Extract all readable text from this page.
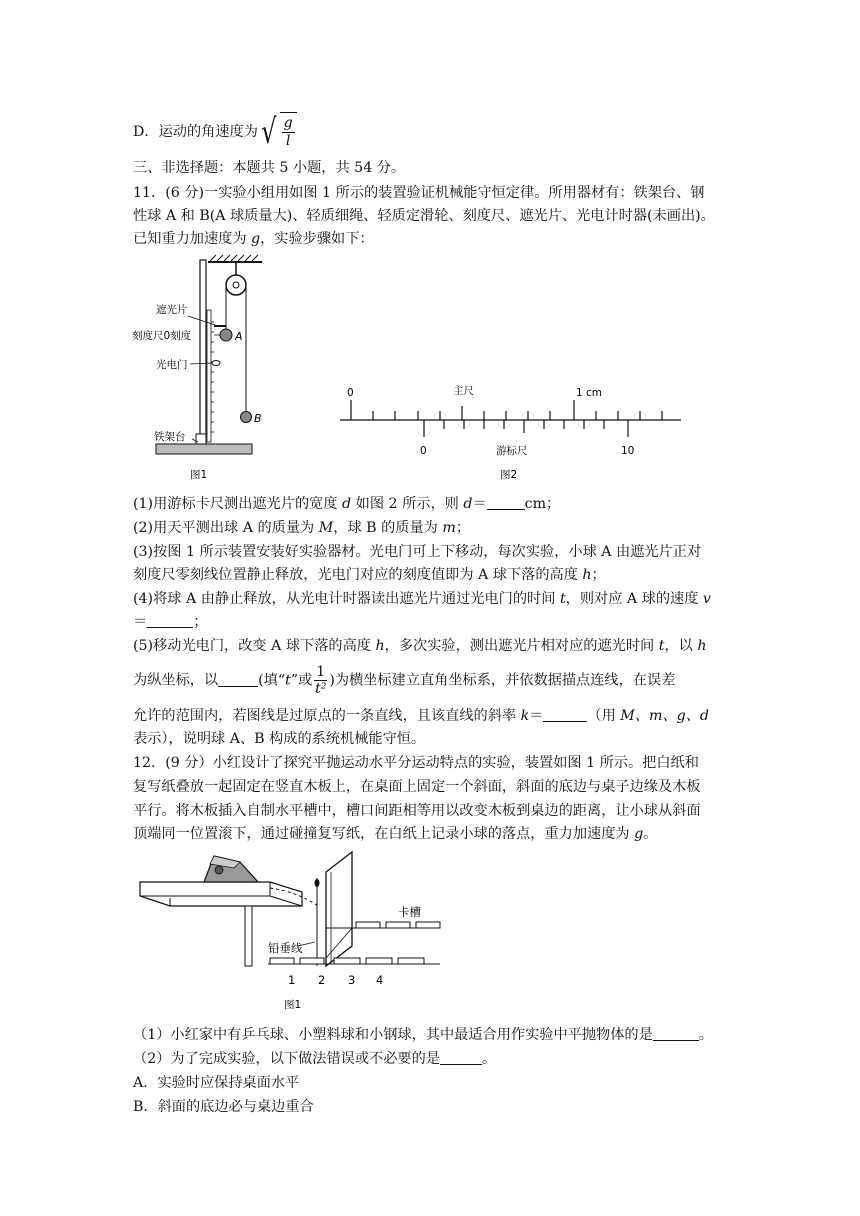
D．运动的角速度为 √ $\frac{g}{l}$
三、非选择题：本题共 5 小题，共 54 分。
11．(6 分)一实验小组用如图 1 所示的装置验证机械能守恒定律。所用器材有：铁架台、钢
性球 A 和 B(A 球质量大)、轻质细绳、轻质定滑轮、刻度尺、遮光片、光电计时器(未画出)。
已知重力加速度为 g，实验步骤如下：
A
B
遮光片
刻度尺0刻度
光电门
铁架台
图1
0	主尺	1 cm
0	游标尺	10
图2
(1)用游标卡尺测出遮光片的宽度 d 如图 2 所示，则 d＝	cm；
(2)用天平测出球 A 的质量为 M，球 B 的质量为 m；
(3)按图 1 所示装置安装好实验器材。光电门可上下移动，每次实验，小球 A 由遮光片正对
刻度尺零刻线位置静止释放，光电门对应的刻度值即为 A 球下落的高度 h；
(4)将球 A 由静止释放，从光电计时器读出遮光片通过光电门的时间 t，则对应 A 球的速度 v
＝	；
(5)移动光电门，改变 A 球下落的高度 h，多次实验，测出遮光片相对应的遮光时间 t，以 h
为纵坐标，以	(填“t”或 $\frac{1}{\text{t²}}$ )为横坐标建立直角坐标系，并依数据描点连线，在误差
允许的范围内，若图线是过原点的一条直线，且该直线的斜率 k＝	（用 M、m、g、d
表示），说明球 A、B 构成的系统机械能守恒。
12．(9 分）小红设计了探究平抛运动水平分运动特点的实验，装置如图 1 所示。把白纸和
复写纸叠放一起固定在竖直木板上，在桌面上固定一个斜面，斜面的底边与桌子边缘及木板
平行。将木板插入自制水平槽中，槽口间距相等用以改变木板到桌边的距离，让小球从斜面
顶端同一位置滚下，通过碰撞复写纸，在白纸上记录小球的落点，重力加速度为 g。
卡槽
铅垂线
1 2 3 4
图1
（1）小红家中有乒乓球、小塑料球和小钢球，其中最适合用作实验中平抛物体的是	。
（2）为了完成实验，以下做法错误或不必要的是	。
A．实验时应保持桌面水平
B．斜面的底边必与桌边重合
